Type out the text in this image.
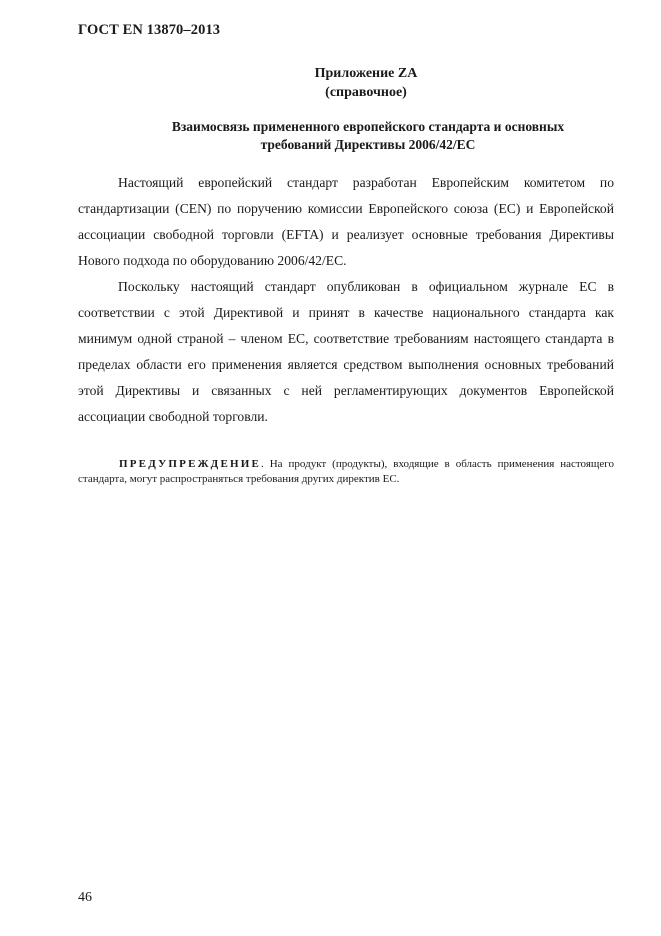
ГОСТ EN 13870–2013
Приложение ZA
(справочное)
Взаимосвязь примененного европейского стандарта и основных
требований Директивы 2006/42/ЕС

Настоящий европейский стандарт разработан Европейским комитетом по стандартизации (CEN) по поручению комиссии Европейского союза (ЕС) и Европейской ассоциации свободной торговли (EFTA) и реализует основные требования Директивы Нового подхода по оборудованию 2006/42/ЕС.

Поскольку настоящий стандарт опубликован в официальном журнале ЕС в соответствии с этой Директивой и принят в качестве национального стандарта как минимум одной страной – членом ЕС, соответствие требованиям настоящего стандарта в пределах области его применения является средством выполнения основных требований этой Директивы и связанных с ней регламентирующих документов Европейской ассоциации свободной торговли.

ПРЕДУПРЕЖДЕНИЕ. На продукт (продукты), входящие в область применения настоящего стандарта, могут распространяться требования других директив ЕС.
46
